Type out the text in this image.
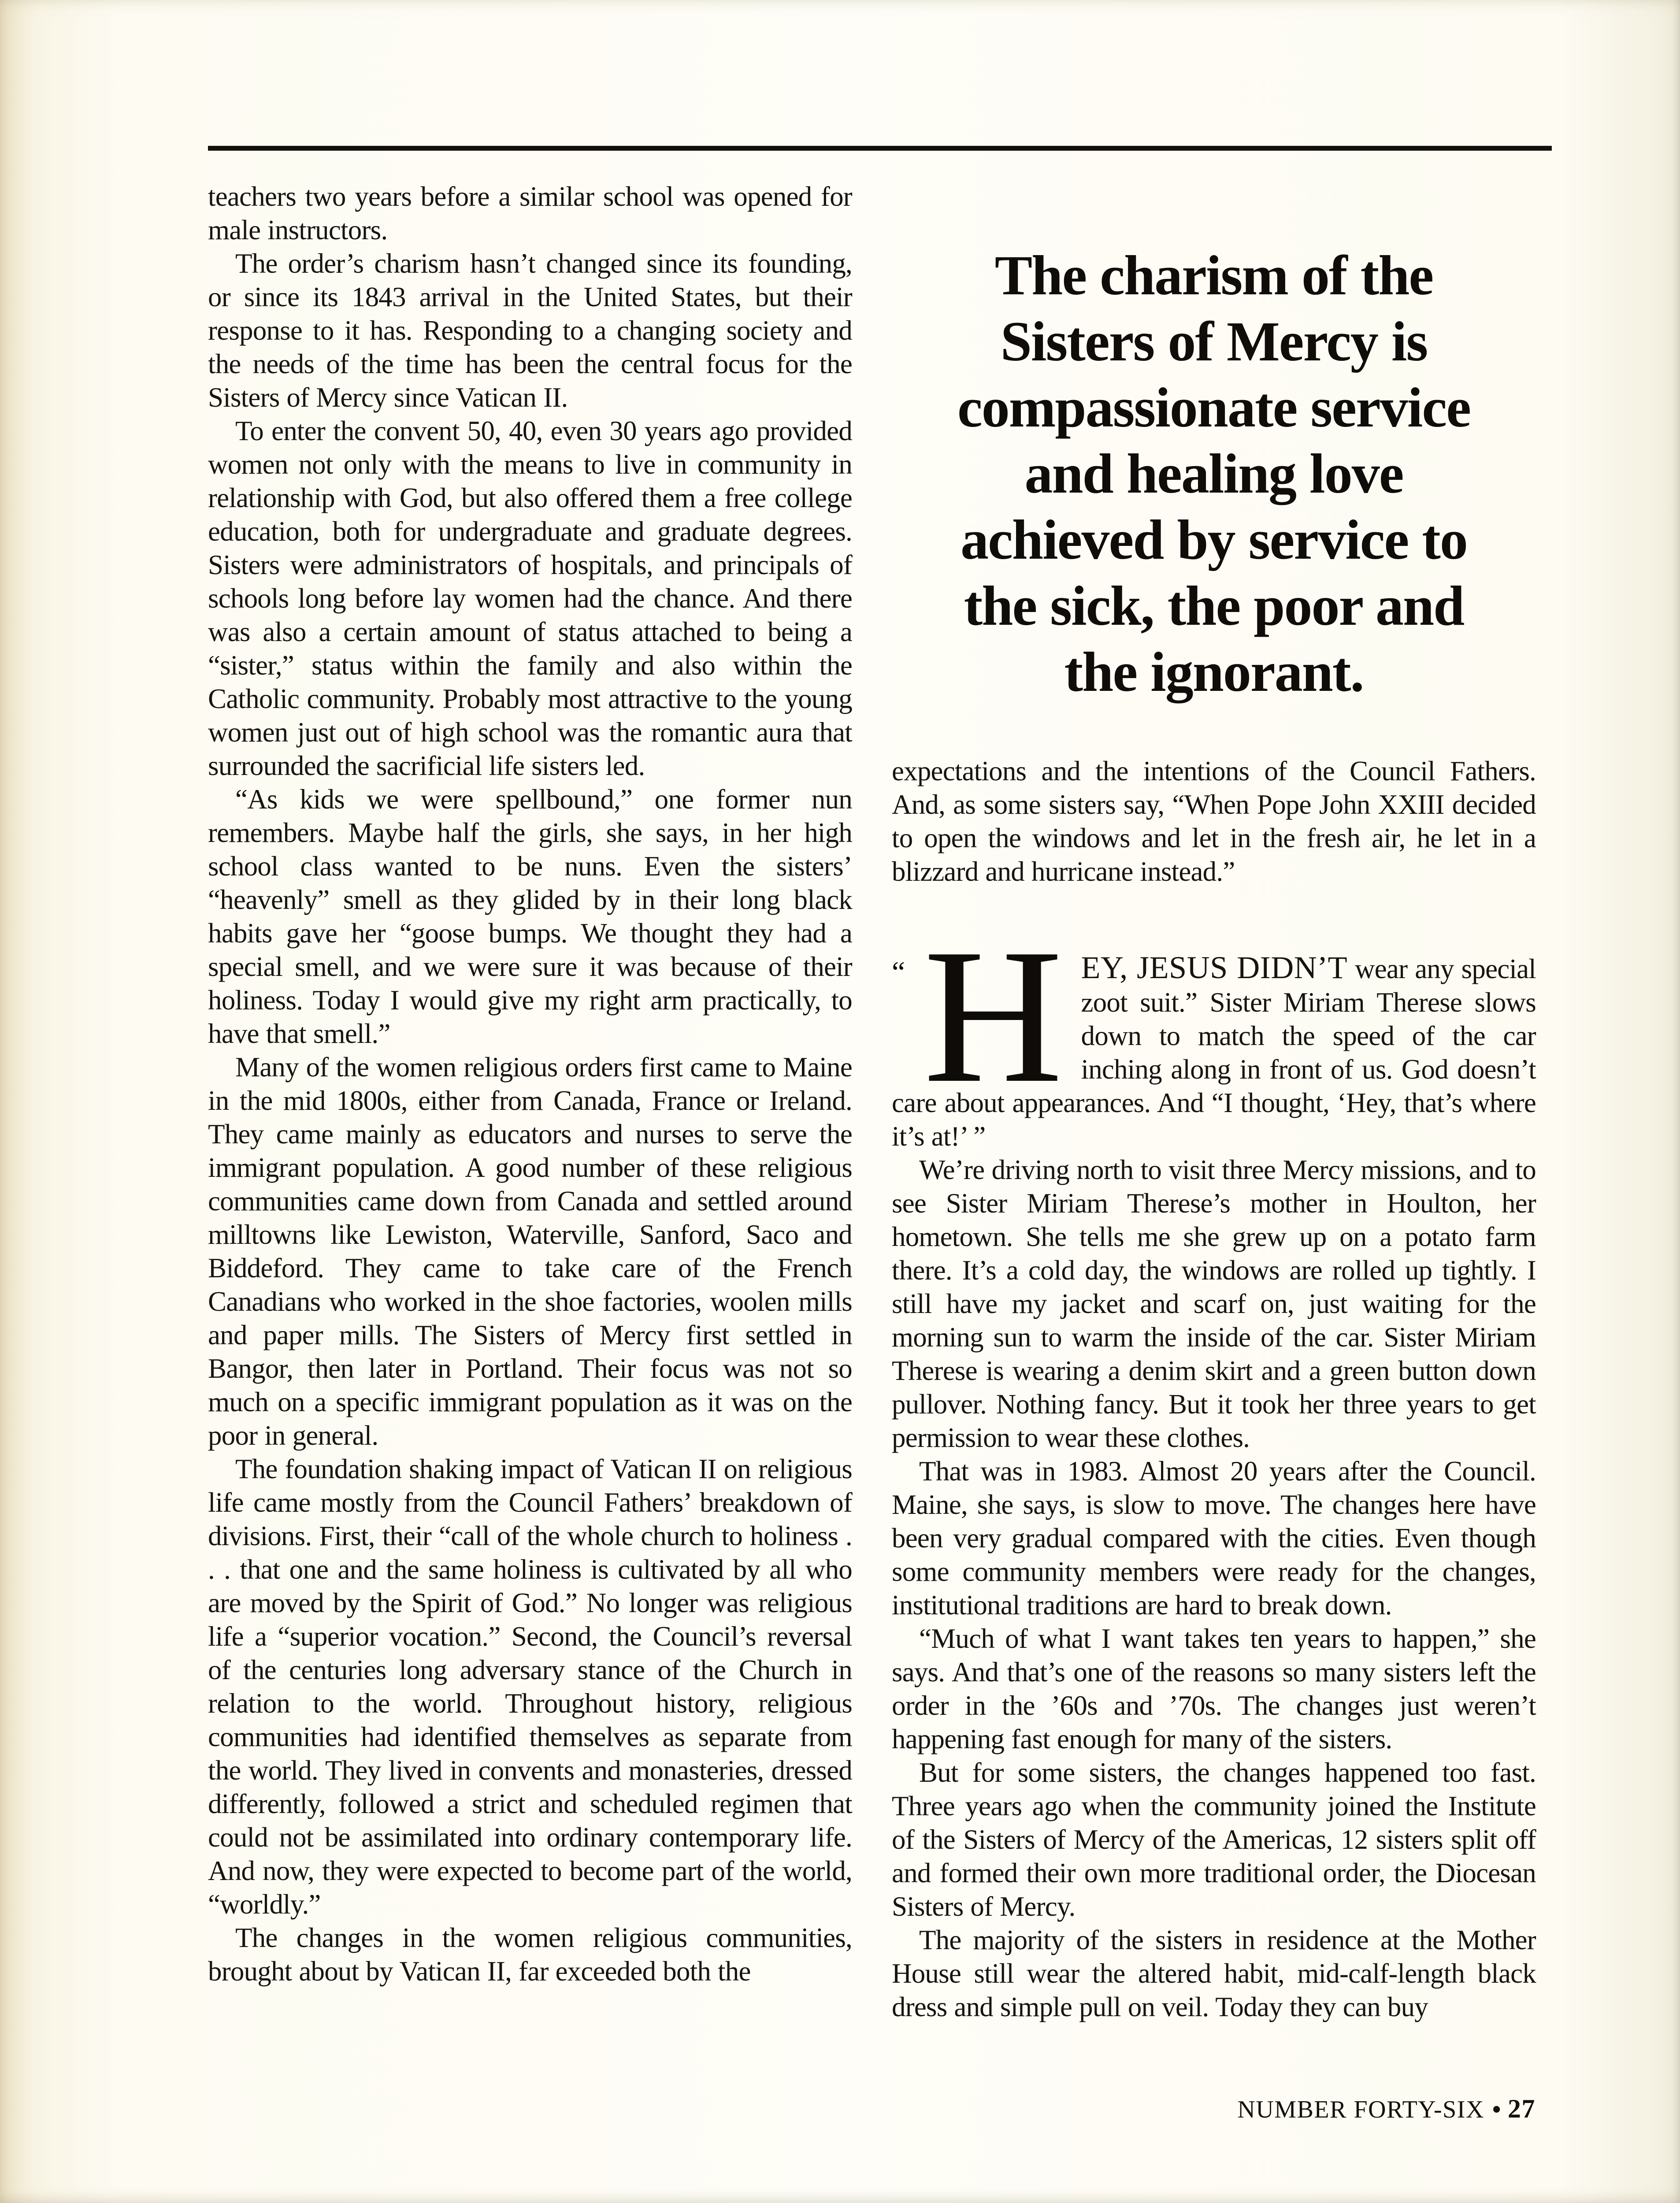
teachers two years before a similar school was opened for male instructors.

The order’s charism hasn’t changed since its founding, or since its 1843 arrival in the United States, but their response to it has. Responding to a changing society and the needs of the time has been the central focus for the Sisters of Mercy since Vatican II.

To enter the convent 50, 40, even 30 years ago provided women not only with the means to live in community in relationship with God, but also offered them a free college education, both for undergraduate and graduate degrees. Sisters were administrators of hospitals, and principals of schools long before lay women had the chance. And there was also a certain amount of status attached to being a “sister,” status within the family and also within the Catholic community. Probably most attractive to the young women just out of high school was the romantic aura that surrounded the sacrificial life sisters led.

“As kids we were spellbound,” one former nun remembers. Maybe half the girls, she says, in her high school class wanted to be nuns. Even the sisters’ “heavenly” smell as they glided by in their long black habits gave her “goose bumps. We thought they had a special smell, and we were sure it was because of their holiness. Today I would give my right arm practically, to have that smell.”

Many of the women religious orders first came to Maine in the mid 1800s, either from Canada, France or Ireland. They came mainly as educators and nurses to serve the immigrant population. A good number of these religious communities came down from Canada and settled around milltowns like Lewiston, Waterville, Sanford, Saco and Biddeford. They came to take care of the French Canadians who worked in the shoe factories, woolen mills and paper mills. The Sisters of Mercy first settled in Bangor, then later in Portland. Their focus was not so much on a specific immigrant population as it was on the poor in general.

The foundation shaking impact of Vatican II on religious life came mostly from the Council Fathers’ breakdown of divisions. First, their “call of the whole church to holiness . . . that one and the same holiness is cultivated by all who are moved by the Spirit of God.” No longer was religious life a “superior vocation.” Second, the Council’s reversal of the centuries long adversary stance of the Church in relation to the world. Throughout history, religious communities had identified themselves as separate from the world. They lived in convents and monasteries, dressed differently, followed a strict and scheduled regimen that could not be assimilated into ordinary contemporary life. And now, they were expected to become part of the world, “worldly.”

The changes in the women religious communities, brought about by Vatican II, far exceeded both the

The charism of the
Sisters of Mercy is
compassionate service
and healing love
achieved by service to
the sick, the poor and
the ignorant.

expectations and the intentions of the Council Fathers. And, as some sisters say, “When Pope John XXIII decided to open the windows and let in the fresh air, he let in a blizzard and hurricane instead.”

“ H EY, JESUS DIDN’T wear any special zoot suit.” Sister Miriam Therese slows down to match the speed of the car inching along in front of us. God doesn’t care about appearances. And “I thought, ‘Hey, that’s where it’s at!’ ”

We’re driving north to visit three Mercy missions, and to see Sister Miriam Therese’s mother in Houlton, her hometown. She tells me she grew up on a potato farm there. It’s a cold day, the windows are rolled up tightly. I still have my jacket and scarf on, just waiting for the morning sun to warm the inside of the car. Sister Miriam Therese is wearing a denim skirt and a green button down pullover. Nothing fancy. But it took her three years to get permission to wear these clothes.

That was in 1983. Almost 20 years after the Council. Maine, she says, is slow to move. The changes here have been very gradual compared with the cities. Even though some community members were ready for the changes, institutional traditions are hard to break down.

“Much of what I want takes ten years to happen,” she says. And that’s one of the reasons so many sisters left the order in the ’60s and ’70s. The changes just weren’t happening fast enough for many of the sisters.

But for some sisters, the changes happened too fast. Three years ago when the community joined the Institute of the Sisters of Mercy of the Americas, 12 sisters split off and formed their own more traditional order, the Diocesan Sisters of Mercy.

The majority of the sisters in residence at the Mother House still wear the altered habit, mid-calf-length black dress and simple pull on veil. Today they can buy

NUMBER FORTY-SIX • 27
